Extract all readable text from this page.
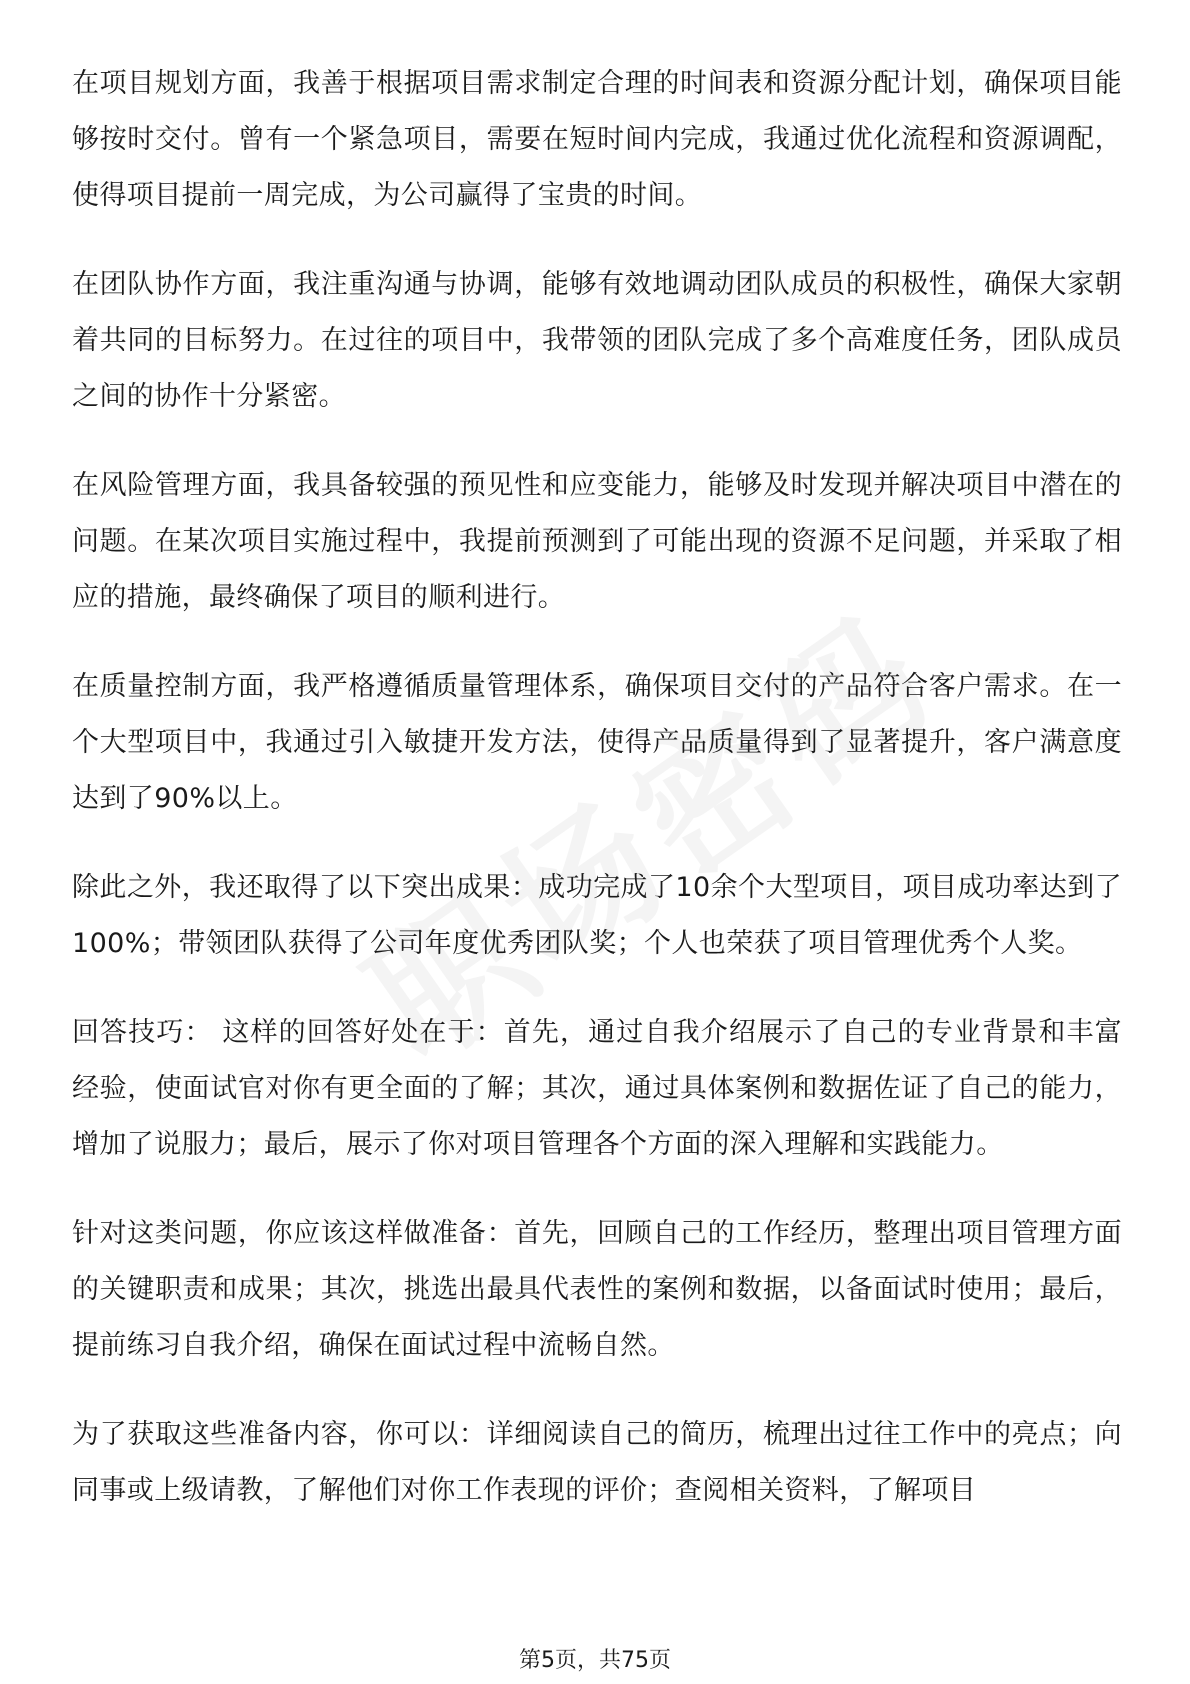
在项目规划方面，我善于根据项目需求制定合理的时间表和资源分配计划，确保项目能够按时交付。曾有一个紧急项目，需要在短时间内完成，我通过优化流程和资源调配，使得项目提前一周完成，为公司赢得了宝贵的时间。

在团队协作方面，我注重沟通与协调，能够有效地调动团队成员的积极性，确保大家朝着共同的目标努力。在过往的项目中，我带领的团队完成了多个高难度任务，团队成员之间的协作十分紧密。

在风险管理方面，我具备较强的预见性和应变能力，能够及时发现并解决项目中潜在的问题。在某次项目实施过程中，我提前预测到了可能出现的资源不足问题，并采取了相应的措施，最终确保了项目的顺利进行。

在质量控制方面，我严格遵循质量管理体系，确保项目交付的产品符合客户需求。在一个大型项目中，我通过引入敏捷开发方法，使得产品质量得到了显著提升，客户满意度达到了90%以上。

除此之外，我还取得了以下突出成果：成功完成了10余个大型项目，项目成功率达到了100%；带领团队获得了公司年度优秀团队奖；个人也荣获了项目管理优秀个人奖。

回答技巧： 这样的回答好处在于：首先，通过自我介绍展示了自己的专业背景和丰富经验，使面试官对你有更全面的了解；其次，通过具体案例和数据佐证了自己的能力，增加了说服力；最后，展示了你对项目管理各个方面的深入理解和实践能力。

针对这类问题，你应该这样做准备：首先，回顾自己的工作经历，整理出项目管理方面的关键职责和成果；其次，挑选出最具代表性的案例和数据，以备面试时使用；最后，提前练习自我介绍，确保在面试过程中流畅自然。

为了获取这些准备内容，你可以：详细阅读自己的简历，梳理出过往工作中的亮点；向同事或上级请教，了解他们对你工作表现的评价；查阅相关资料，了解项目

第5页，共75页
